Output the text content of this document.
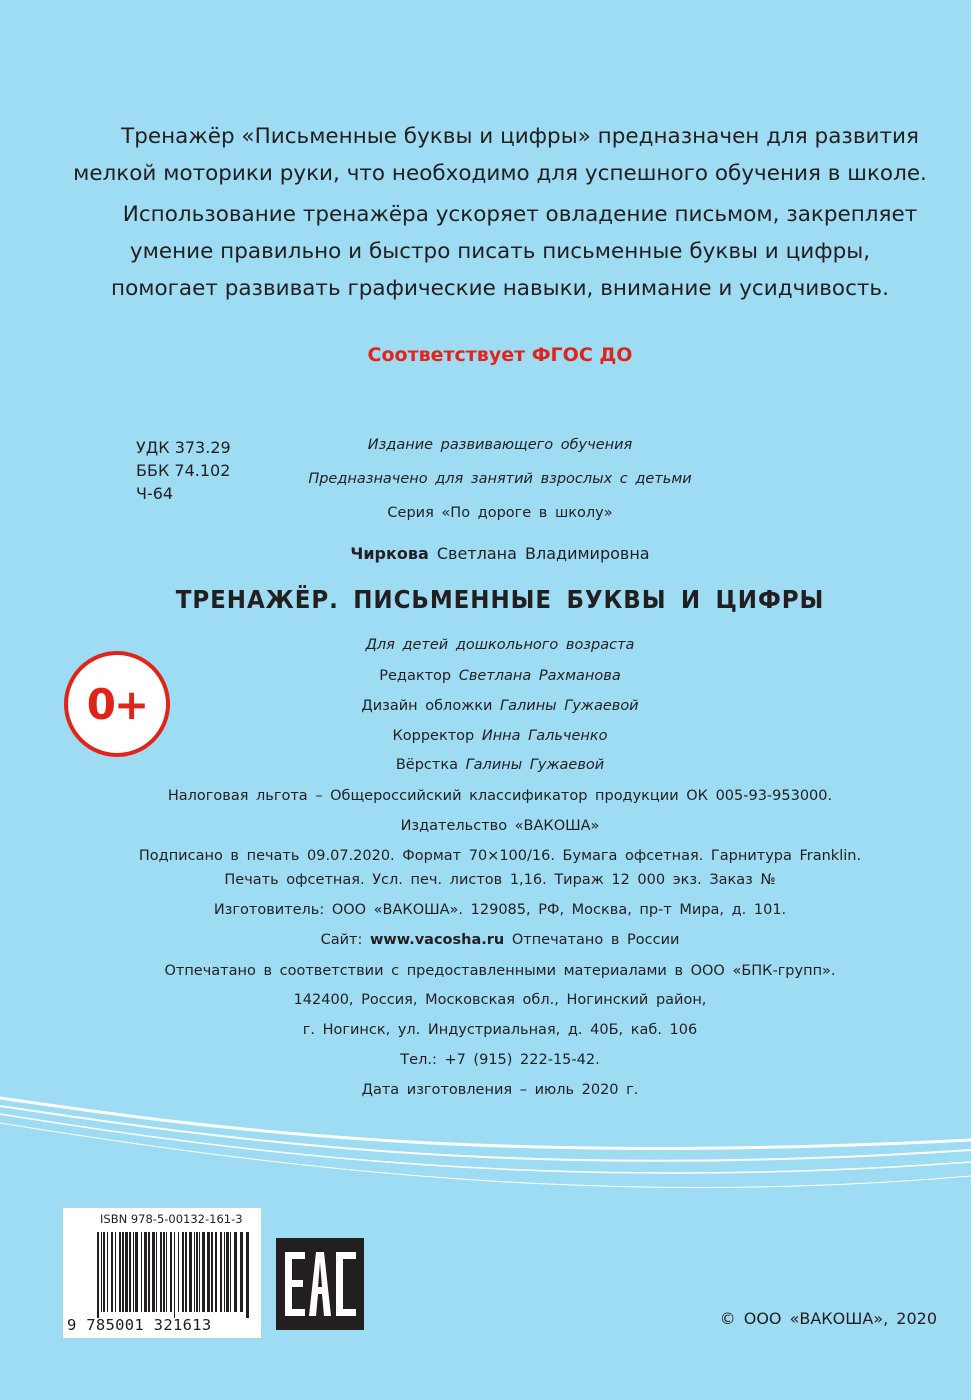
Тренажёр «Письменные буквы и цифры» предназначен для развития

мелкой моторики руки, что необходимо для успешного обучения в школе.

Использование тренажёра ускоряет овладение письмом, закрепляет

умение правильно и быстро писать письменные буквы и цифры,

помогает развивать графические навыки, внимание и усидчивость.

Соответствует ФГОС ДО
УДК 373.29
ББК 74.102
Ч-64
Издание развивающего обучения
Предназначено для занятий взрослых с детьми
Серия «По дороге в школу»
Чиркова Светлана Владимировна
ТРЕНАЖЁР. ПИСЬМЕННЫЕ БУКВЫ И ЦИФРЫ
0+
Для детей дошкольного возраста
Редактор Светлана Рахманова
Дизайн обложки Галины Гужаевой
Корректор Инна Гальченко
Вёрстка Галины Гужаевой
Налоговая льгота – Общероссийский классификатор продукции ОК 005-93-953000.
Издательство «ВАКОША»
Подписано в печать 09.07.2020. Формат 70×100/16. Бумага офсетная. Гарнитура Franklin.
Печать офсетная. Усл. печ. листов 1,16. Тираж 12 000 экз. Заказ №
Изготовитель: ООО «ВАКОША». 129085, РФ, Москва, пр-т Мира, д. 101.
Сайт: www.vacosha.ru Отпечатано в России
Отпечатано в соответствии с предоставленными материалами в ООО «БПК-групп».
142400, Россия, Московская обл., Ногинский район,
г. Ногинск, ул. Индустриальная, д. 40Б, каб. 106
Тел.: +7 (915) 222-15-42.
Дата изготовления – июль 2020 г.
ISBN 978-5-00132-161-3
9 785001 321613	© ООО «ВАКОША», 2020
